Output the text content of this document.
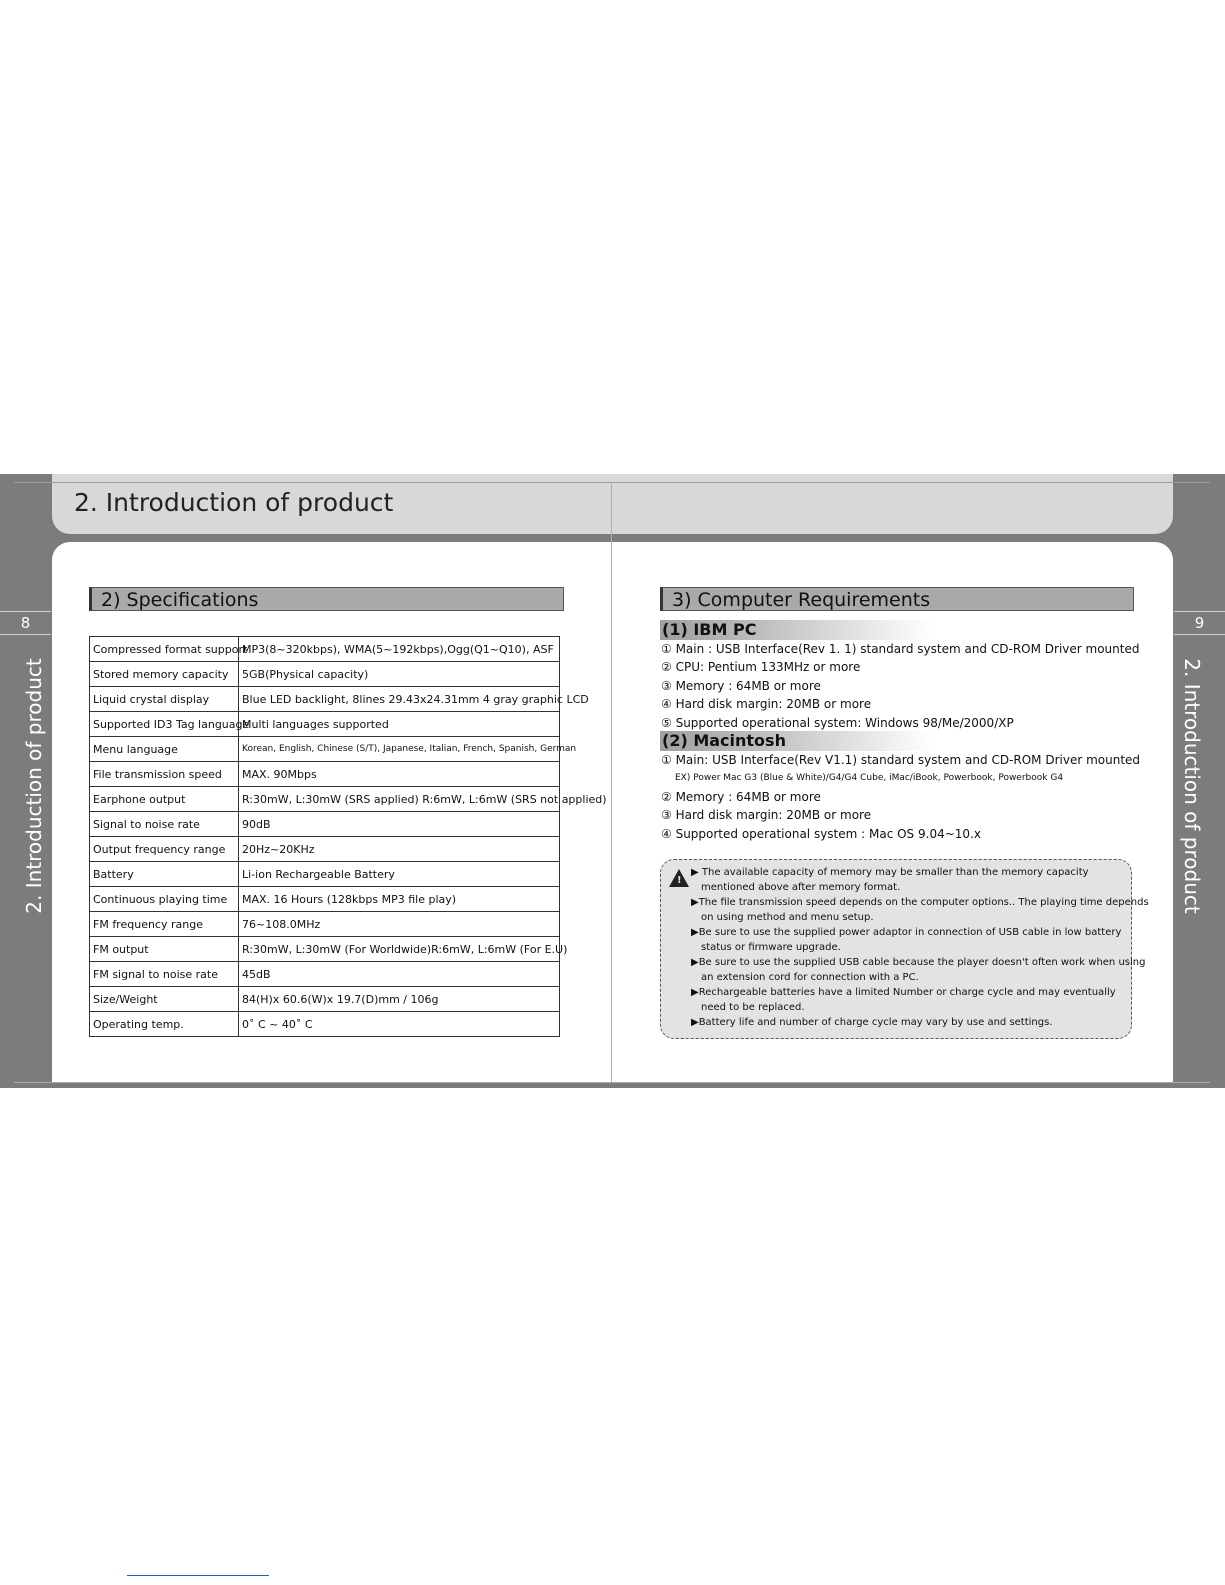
2. Introduction of product
8	9
2. Introduction of product	2. Introduction of product
2) Specifications
Compressed format support	MP3(8~320kbps), WMA(5~192kbps),Ogg(Q1~Q10), ASF
Stored memory capacity	5GB(Physical capacity)
Liquid crystal display	Blue LED backlight, 8lines 29.43x24.31mm 4 gray graphic LCD
Supported ID3 Tag language	Multi languages supported
Menu language	Korean, English, Chinese (S/T), Japanese, Italian, French, Spanish, German
File transmission speed	MAX. 90Mbps
Earphone output	R:30mW, L:30mW (SRS applied) R:6mW, L:6mW (SRS not applied)
Signal to noise rate	90dB
Output frequency range	20Hz~20KHz
Battery	Li-ion Rechargeable Battery
Continuous playing time	MAX. 16 Hours (128kbps MP3 file play)
FM frequency range	76~108.0MHz
FM output	R:30mW, L:30mW (For Worldwide)R:6mW, L:6mW (For E.U)
FM signal to noise rate	45dB
Size/Weight	84(H)x 60.6(W)x 19.7(D)mm / 106g
Operating temp.	0˚ C ~ 40˚ C
3) Computer Requirements
(1) IBM PC
① Main : USB Interface(Rev 1. 1) standard system and CD-ROM Driver mounted
② CPU: Pentium 133MHz or more
③ Memory : 64MB or more
④ Hard disk margin: 20MB or more
⑤ Supported operational system: Windows 98/Me/2000/XP
(2) Macintosh
① Main: USB Interface(Rev V1.1) standard system and CD-ROM Driver mounted
EX) Power Mac G3 (Blue & White)/G4/G4 Cube, iMac/iBook, Powerbook, Powerbook G4
② Memory : 64MB or more
③ Hard disk margin: 20MB or more
④ Supported operational system : Mac OS 9.04~10.x
!
▶ The available capacity of memory may be smaller than the memory capacity
mentioned above after memory format.
▶The file transmission speed depends on the computer options.. The playing time depends
on using method and menu setup.
▶Be sure to use the supplied power adaptor in connection of USB cable in low battery
status or firmware upgrade.
▶Be sure to use the supplied USB cable because the player doesn't often work when using
an extension cord for connection with a PC.
▶Rechargeable batteries have a limited Number or charge cycle and may eventually
need to be replaced.
▶Battery life and number of charge cycle may vary by use and settings.
